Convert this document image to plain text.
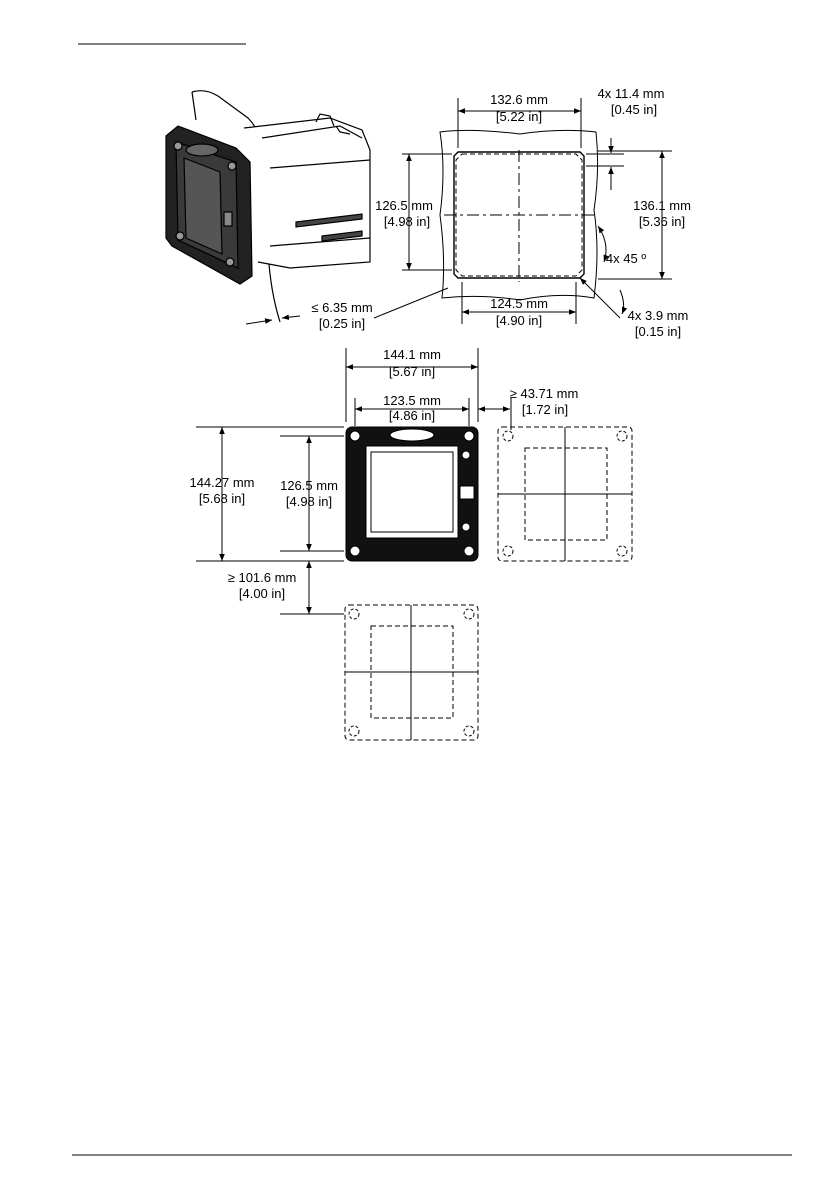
132.6 mm
[5.22 in]
4x 11.4 mm
[0.45 in]
126.5 mm
[4.98 in]
136.1 mm
[5.36 in]
4x 45 º
124.5 mm
[4.90 in]	4x 3.9 mm
[0.15 in]
≤ 6.35 mm
[0.25 in]
144.1 mm
[5.67 in]
123.5 mm
[4.86 in]
≥ 43.71 mm
[1.72 in]
144.27 mm
[5.68 in]
126.5 mm
[4.98 in]
≥ 101.6 mm
[4.00 in]
